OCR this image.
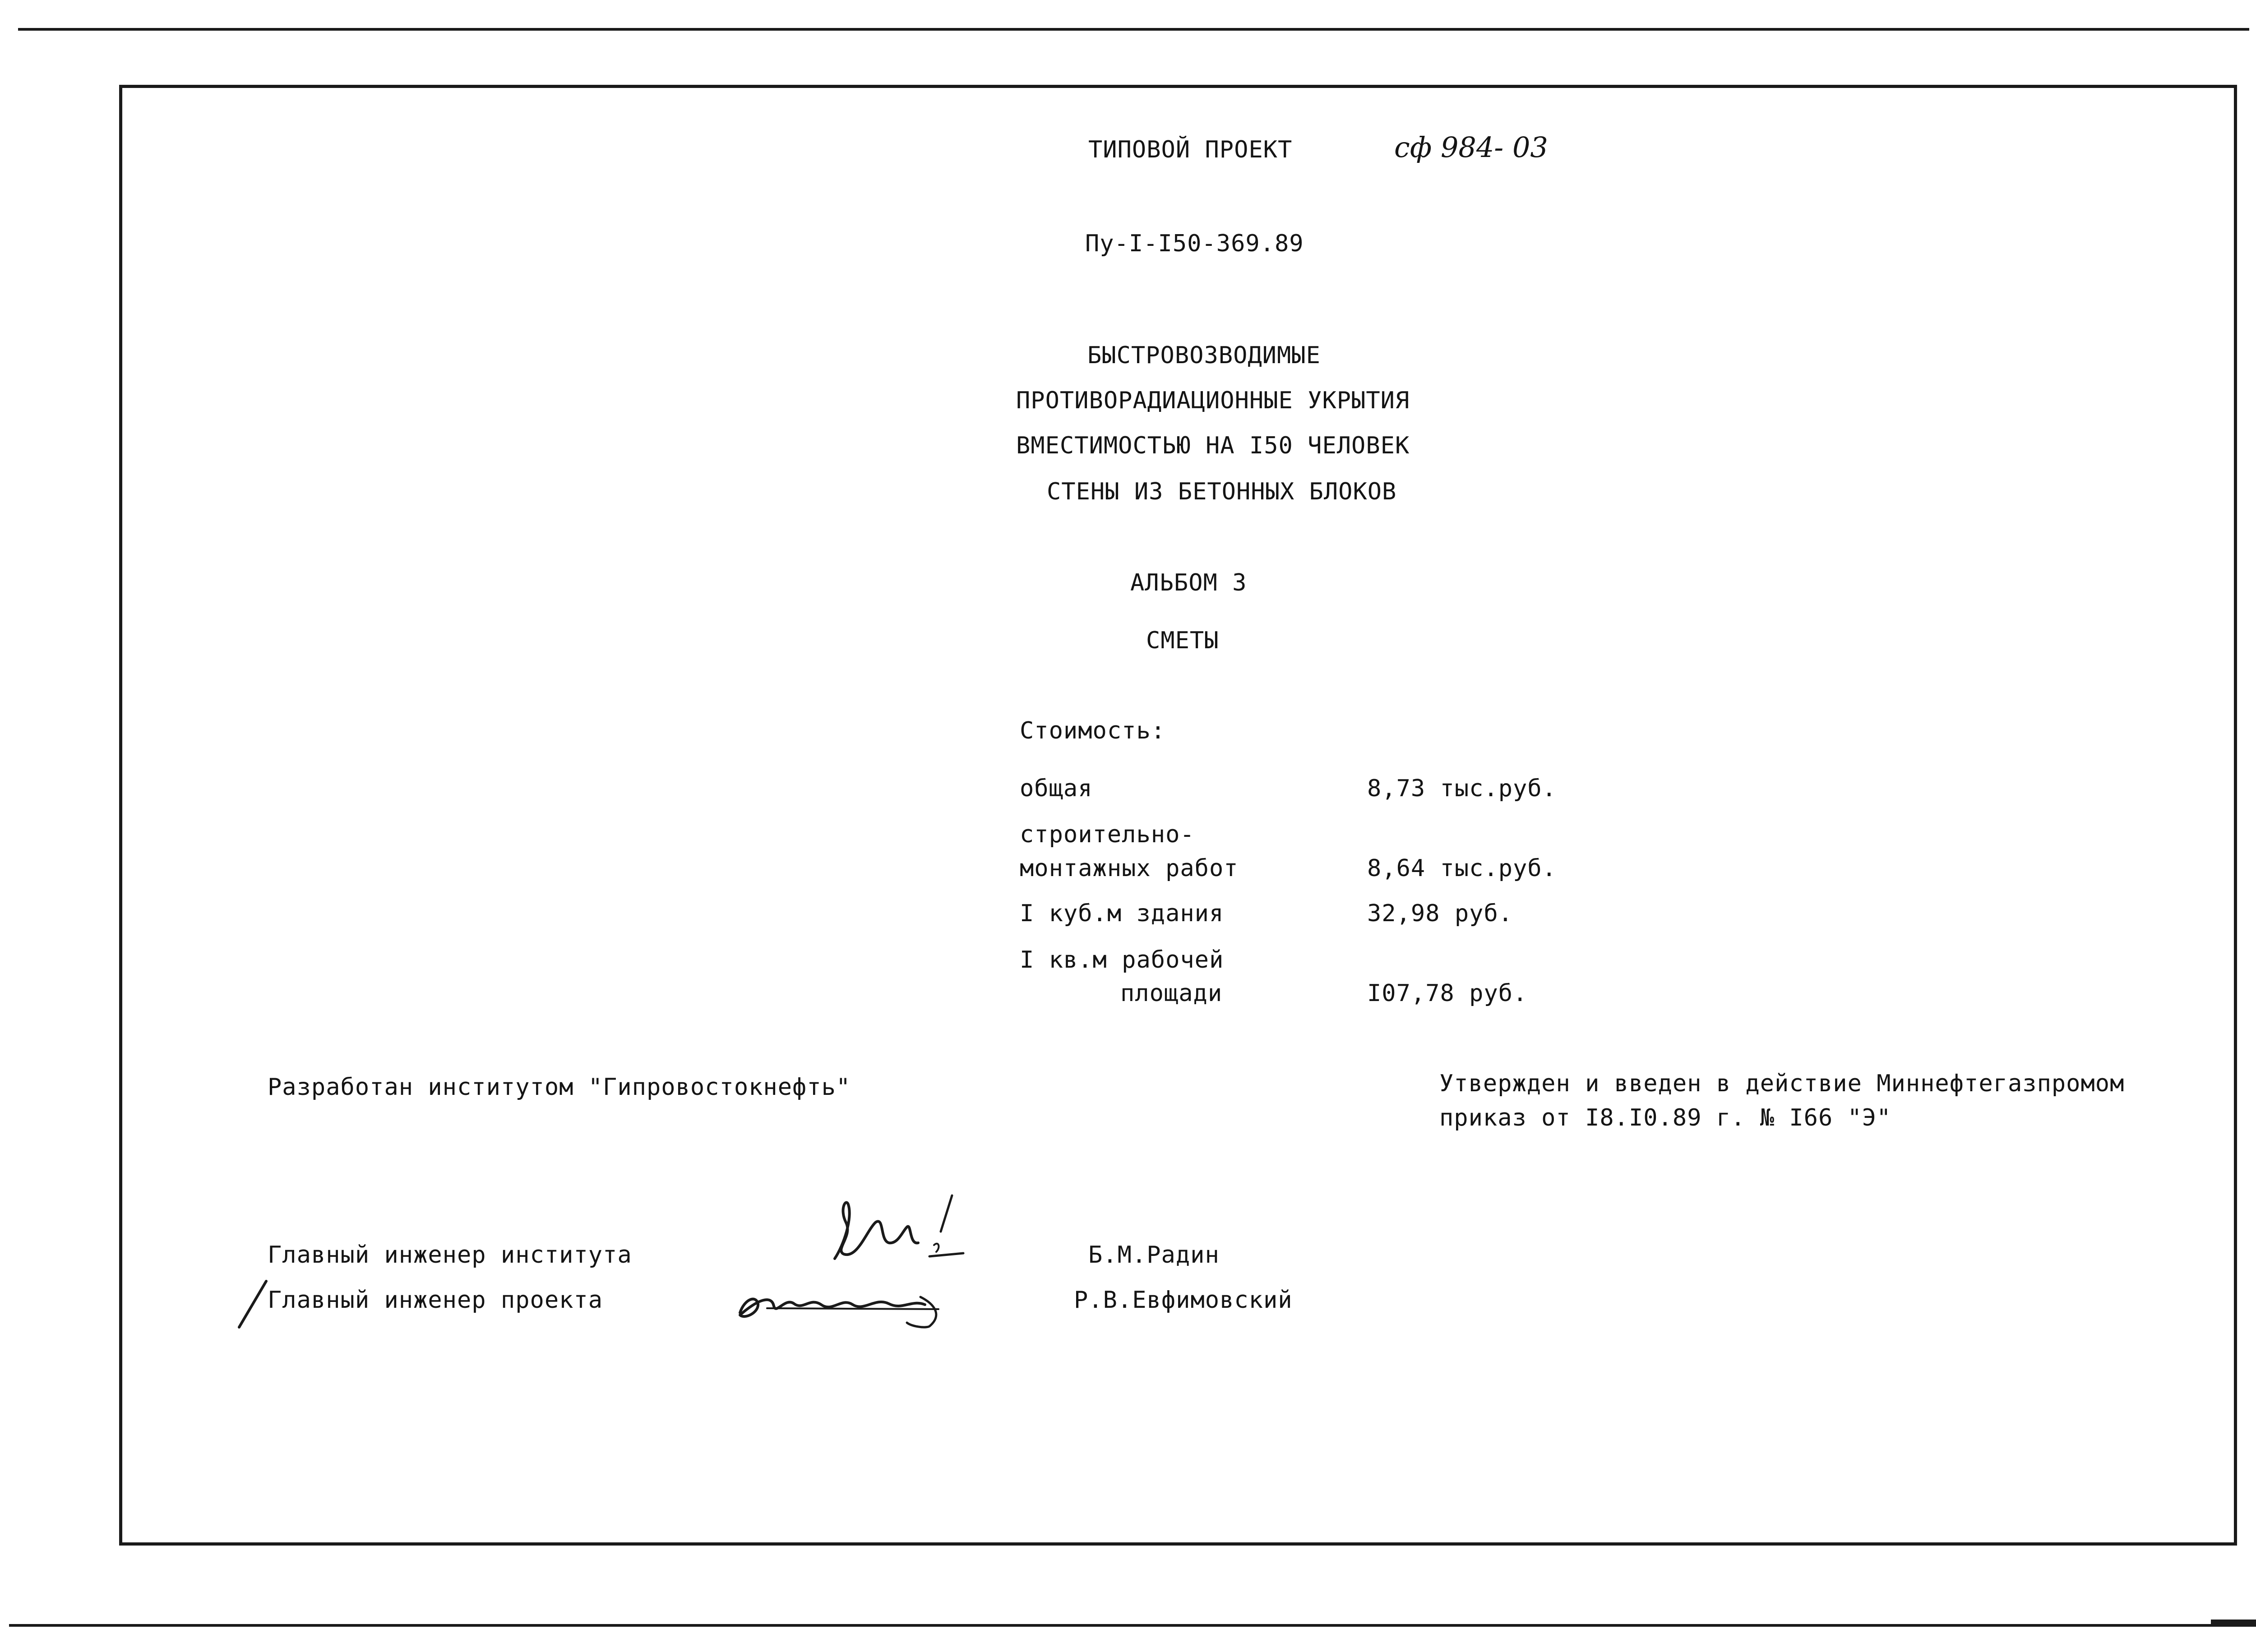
ТИПОВОЙ ПРОЕКТ	сф 984- 03
Пу-I-I50-369.89
БЫСТРОВОЗВОДИМЫЕ
ПРОТИВОРАДИАЦИОННЫЕ УКРЫТИЯ
ВМЕСТИМОСТЬЮ НА I50 ЧЕЛОВЕК
СТЕНЫ ИЗ БЕТОННЫХ БЛОКОВ
АЛЬБОМ 3
СМЕТЫ
Стоимость:
общая	8,73 тыс.руб.
строительно-
монтажных работ	8,64 тыс.руб.
I куб.м здания	32,98 руб.
I кв.м рабочей
площади	I07,78 руб.
Разработан институтом "Гипровостокнефть"	Утвержден и введен в действие Миннефтегазпромом
приказ от I8.I0.89 г. № I66 "Э"
Главный инженер института	Б.М.Радин
Главный инженер проекта	Р.В.Евфимовский
